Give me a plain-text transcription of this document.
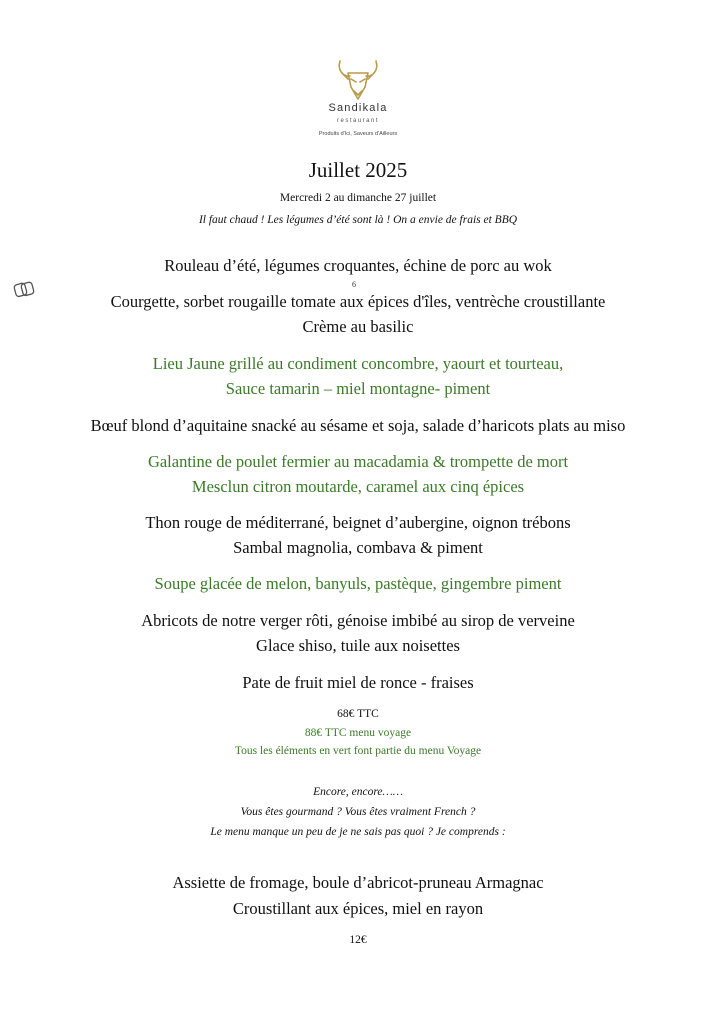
Sandikala
restaurant
Produits d'Ici, Saveurs d'Ailleurs
Juillet 2025
Mercredi 2 au dimanche 27 juillet
Il faut chaud ! Les légumes d’été sont là ! On a envie de frais et BBQ
6
Rouleau d’été, légumes croquantes, échine de porc au wok
Courgette, sorbet rougaille tomate aux épices d'îles, ventrèche croustillante
Crème au basilic
Lieu Jaune grillé au condiment concombre, yaourt et tourteau,
Sauce tamarin – miel montagne- piment
Bœuf blond d’aquitaine snacké au sésame et soja, salade d’haricots plats au miso
Galantine de poulet fermier au macadamia & trompette de mort
Mesclun citron moutarde, caramel aux cinq épices
Thon rouge de méditerrané, beignet d’aubergine, oignon trébons
Sambal magnolia, combava & piment
Soupe glacée de melon, banyuls, pastèque, gingembre piment
Abricots de notre verger rôti, génoise imbibé au sirop de verveine
Glace shiso, tuile aux noisettes
Pate de fruit miel de ronce - fraises
68€ TTC
88€ TTC menu voyage
Tous les éléments en vert font partie du menu Voyage
Encore, encore……
Vous êtes gourmand ? Vous êtes vraiment French ?
Le menu manque un peu de je ne sais pas quoi ? Je comprends :
Assiette de fromage, boule d’abricot-pruneau Armagnac
Croustillant aux épices, miel en rayon
12€
